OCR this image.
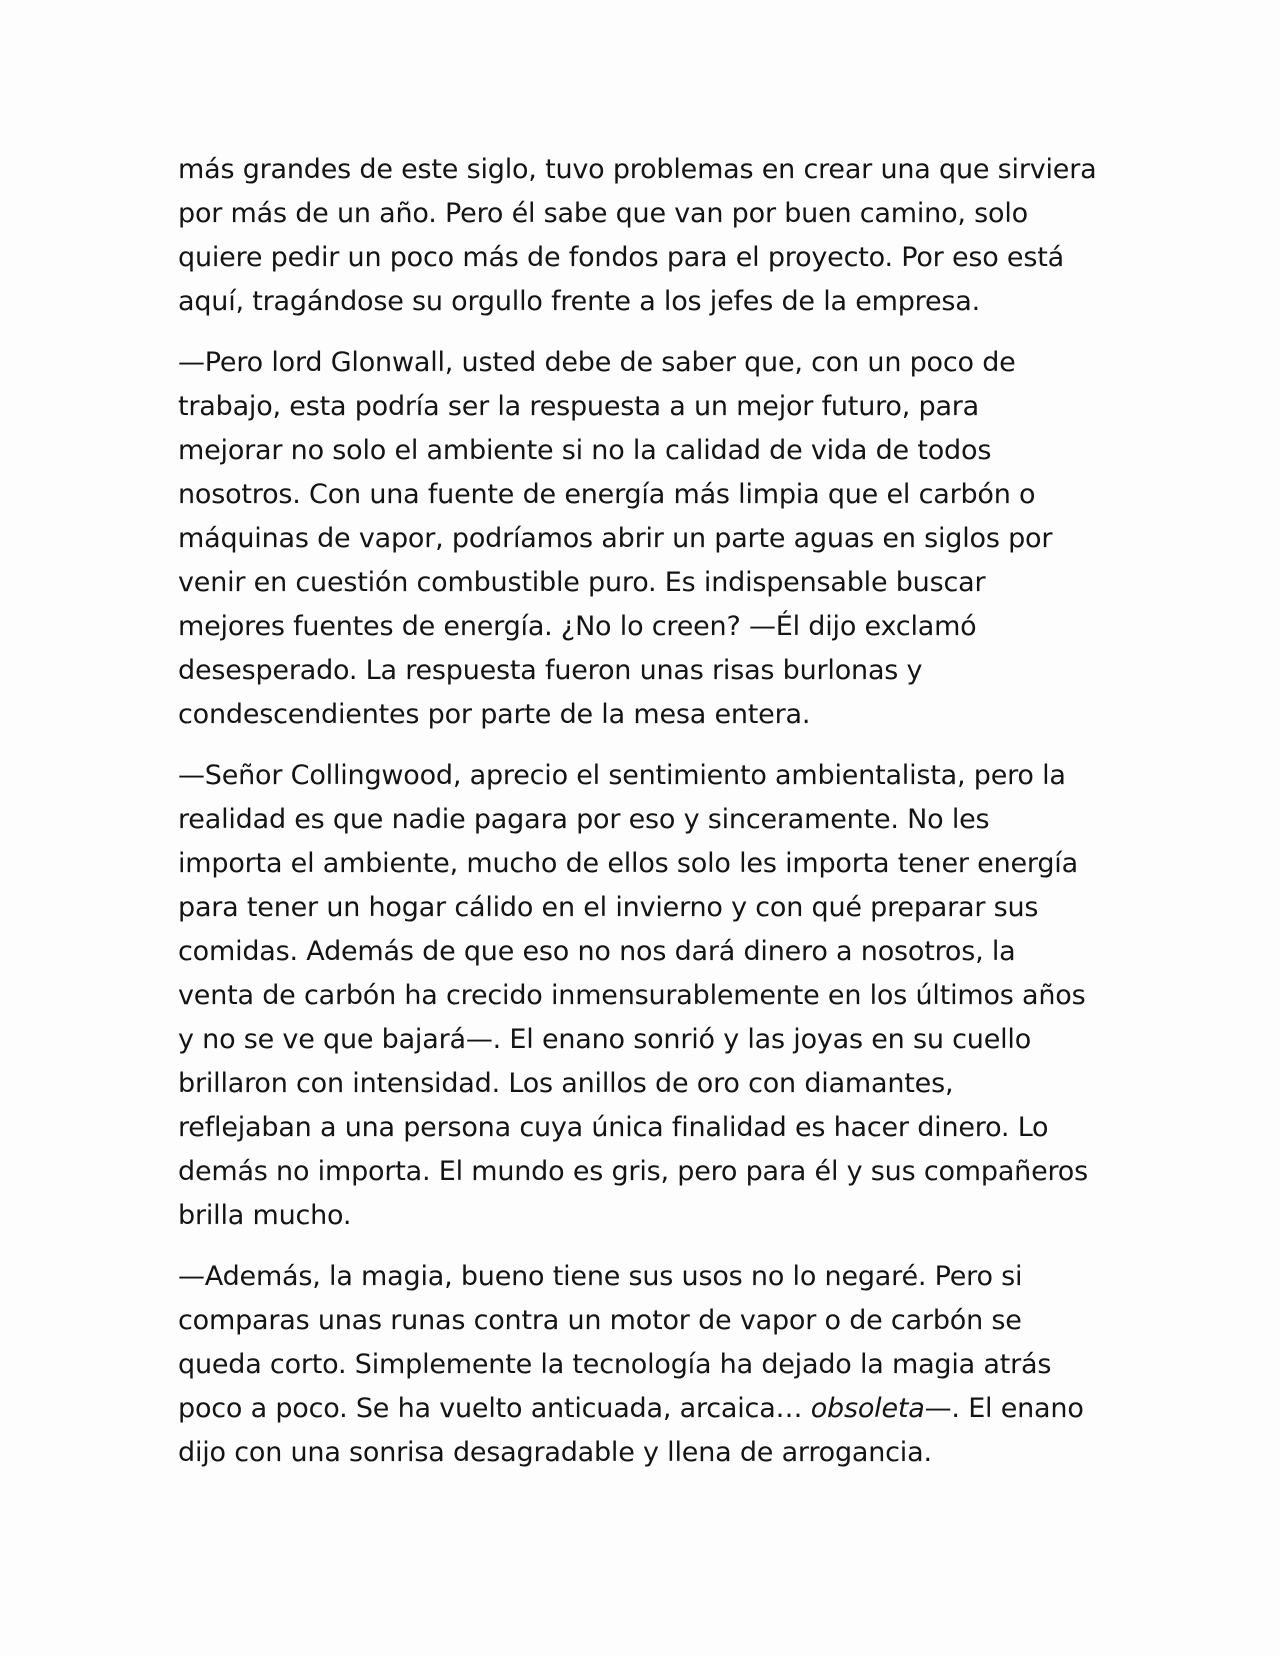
más grandes de este siglo, tuvo problemas en crear una que sirviera
por más de un año. Pero él sabe que van por buen camino, solo
quiere pedir un poco más de fondos para el proyecto. Por eso está
aquí, tragándose su orgullo frente a los jefes de la empresa.

—Pero lord Glonwall, usted debe de saber que, con un poco de
trabajo, esta podría ser la respuesta a un mejor futuro, para
mejorar no solo el ambiente si no la calidad de vida de todos
nosotros. Con una fuente de energía más limpia que el carbón o
máquinas de vapor, podríamos abrir un parte aguas en siglos por
venir en cuestión combustible puro. Es indispensable buscar
mejores fuentes de energía. ¿No lo creen? —Él dijo exclamó
desesperado. La respuesta fueron unas risas burlonas y
condescendientes por parte de la mesa entera.

—Señor Collingwood, aprecio el sentimiento ambientalista, pero la
realidad es que nadie pagara por eso y sinceramente. No les
importa el ambiente, mucho de ellos solo les importa tener energía
para tener un hogar cálido en el invierno y con qué preparar sus
comidas. Además de que eso no nos dará dinero a nosotros, la
venta de carbón ha crecido inmensurablemente en los últimos años
y no se ve que bajará—. El enano sonrió y las joyas en su cuello
brillaron con intensidad. Los anillos de oro con diamantes,
reflejaban a una persona cuya única finalidad es hacer dinero. Lo
demás no importa. El mundo es gris, pero para él y sus compañeros
brilla mucho.

—Además, la magia, bueno tiene sus usos no lo negaré. Pero si
comparas unas runas contra un motor de vapor o de carbón se
queda corto. Simplemente la tecnología ha dejado la magia atrás
poco a poco. Se ha vuelto anticuada, arcaica… obsoleta—. El enano
dijo con una sonrisa desagradable y llena de arrogancia.
